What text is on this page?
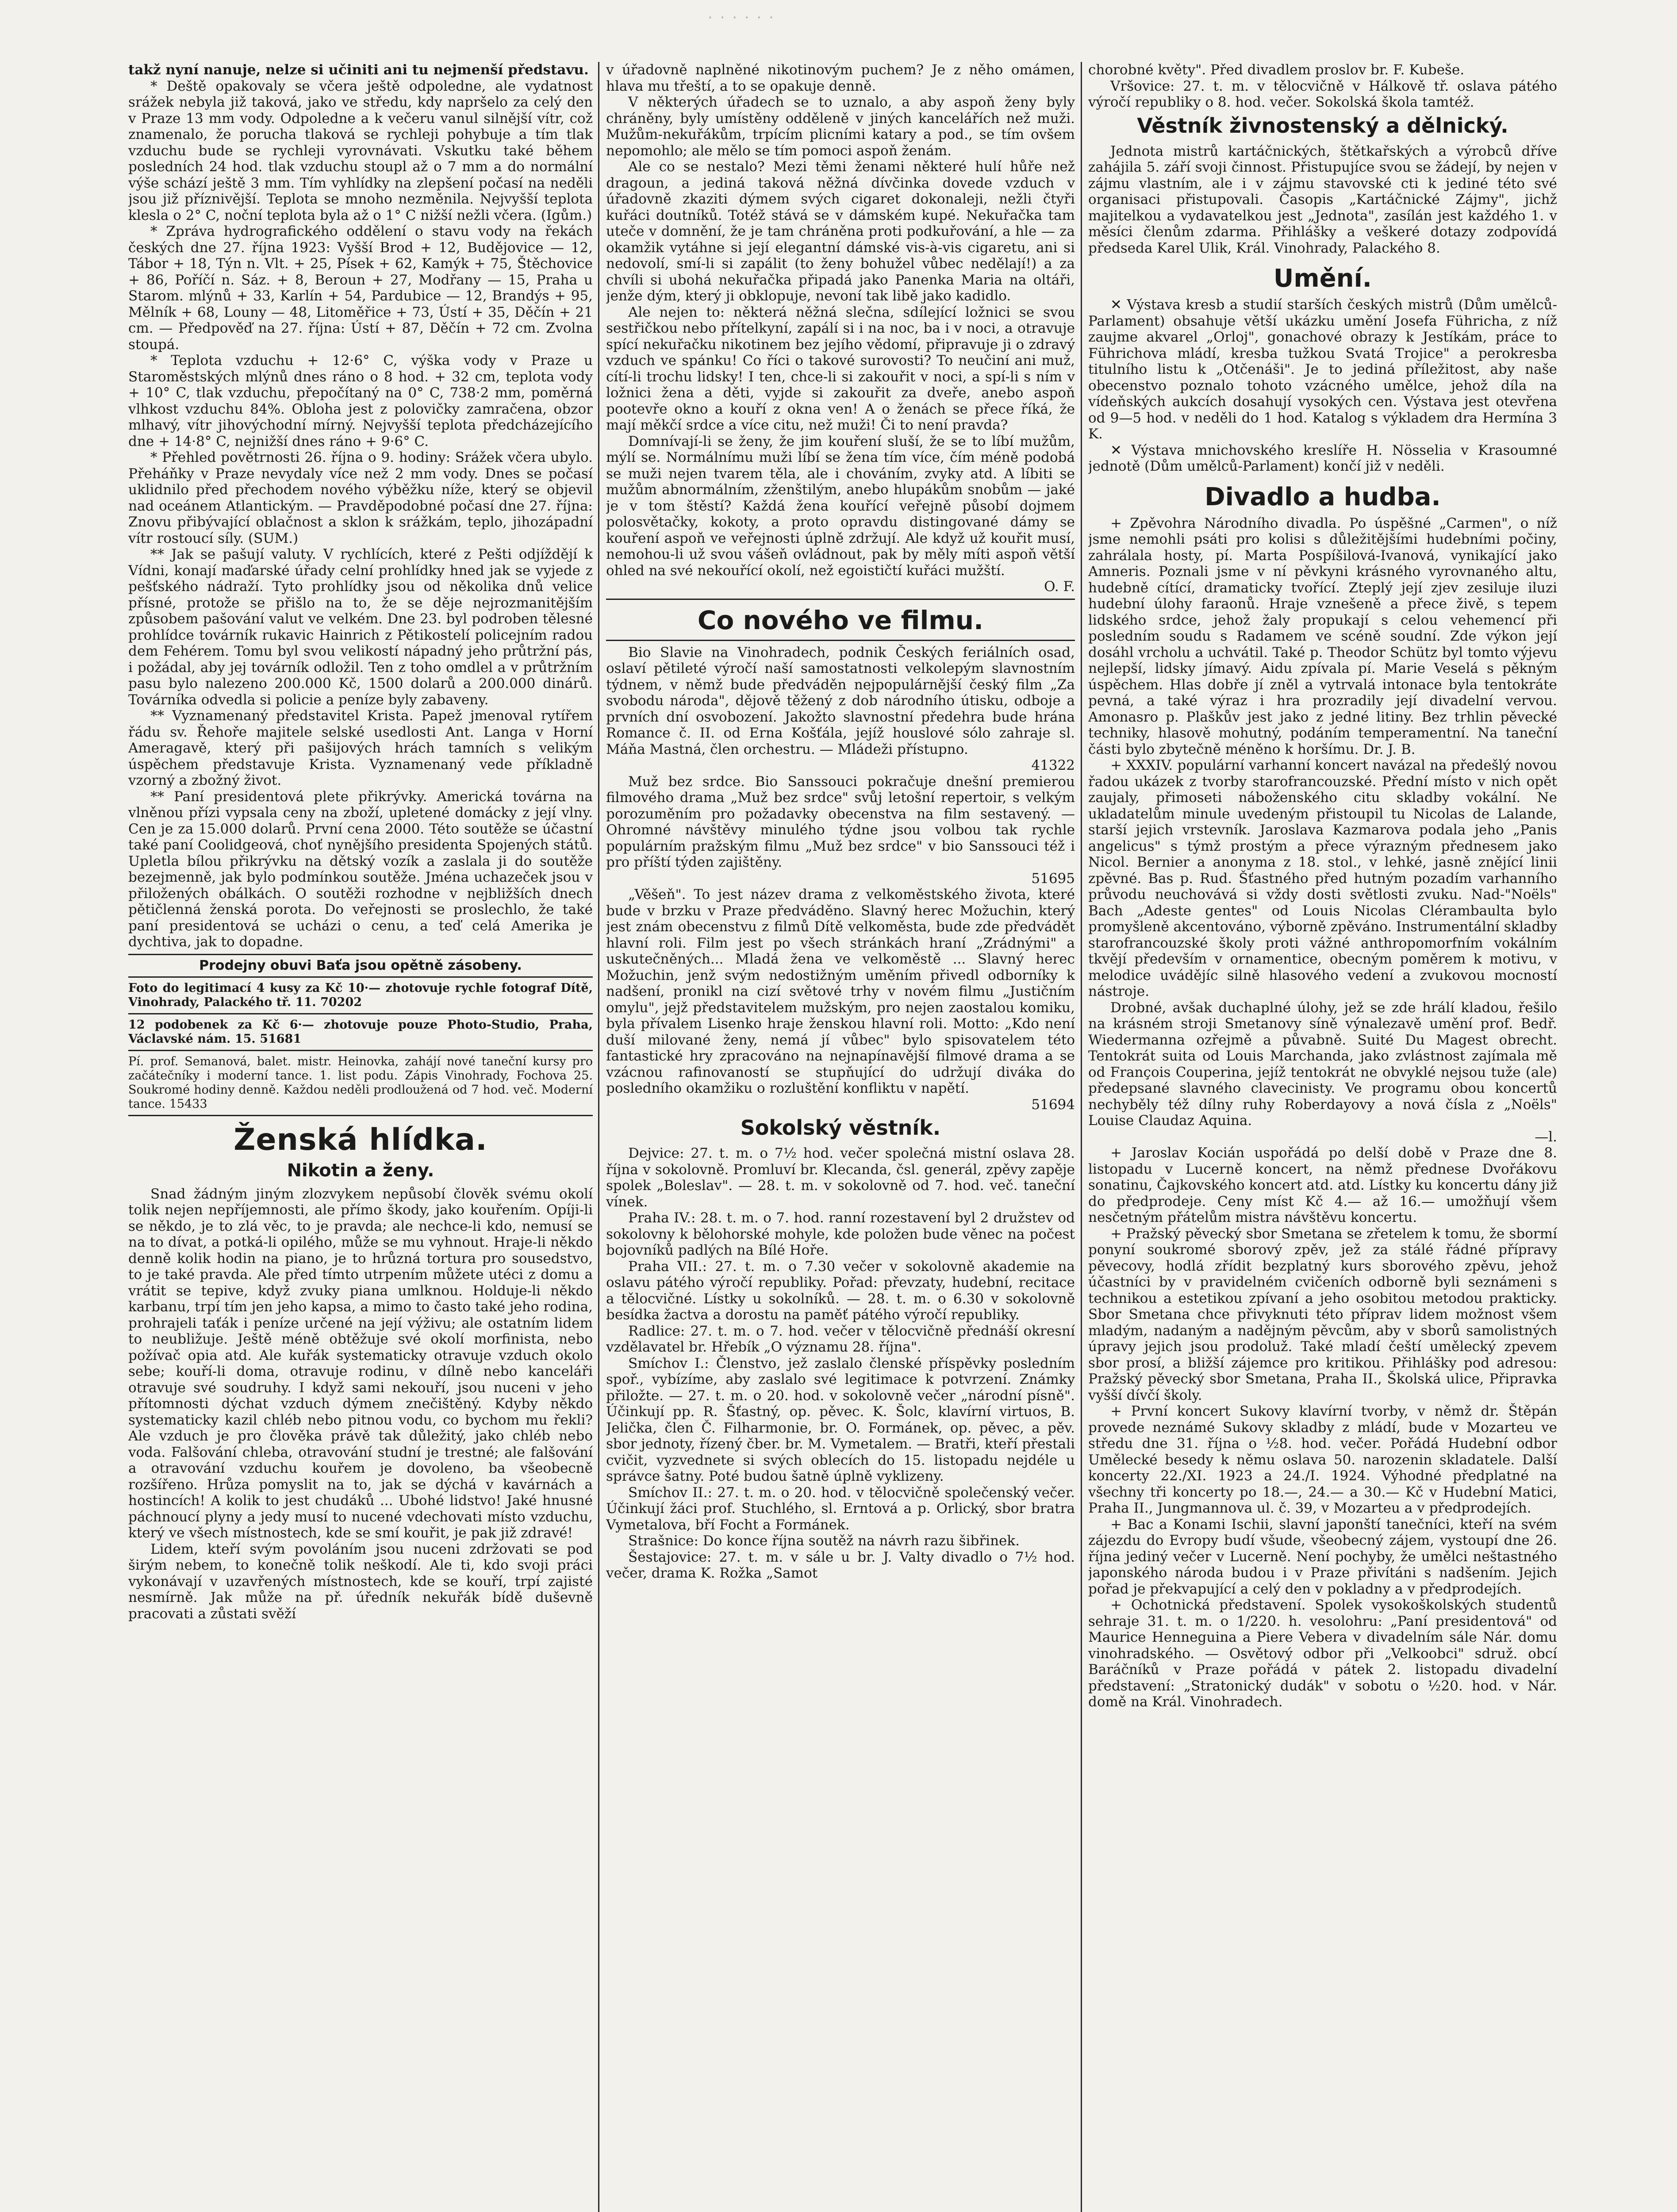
· · · · · ·

takž nyní nanuje, nelze si učiniti ani tu nejmenší představu.

* Deště opakovaly se včera ještě odpoledne, ale vydatnost srážek nebyla již taková, jako ve středu, kdy napršelo za celý den v Praze 13 mm vody. Odpoledne a k večeru vanul silnější vítr, což znamenalo, že porucha tlaková se rychleji pohybuje a tím tlak vzduchu bude se rychleji vyrovnávati. Vskutku také během posledních 24 hod. tlak vzduchu stoupl až o 7 mm a do normální výše schází ještě 3 mm. Tím vyhlídky na zlepšení počasí na neděli jsou již příznivější. Teplota se mnoho nezměnila. Nejvyšší teplota klesla o 2° C, noční teplota byla až o 1° C nižší nežli včera. (Igům.)

* Zpráva hydrografického oddělení o stavu vody na řekách českých dne 27. října 1923: Vyšší Brod + 12, Budějovice — 12, Tábor + 18, Týn n. Vlt. + 25, Písek + 62, Kamýk + 75, Štěchovice + 86, Poříčí n. Sáz. + 8, Beroun + 27, Modřany — 15, Praha u Starom. mlýnů + 33, Karlín + 54, Pardubice — 12, Brandýs + 95, Mělník + 68, Louny — 48, Litoměřice + 73, Ústí + 35, Děčín + 21 cm. — Předpověď na 27. října: Ústí + 87, Děčín + 72 cm. Zvolna stoupá.

* Teplota vzduchu + 12·6° C, výška vody v Praze u Staroměstských mlýnů dnes ráno o 8 hod. + 32 cm, teplota vody + 10° C, tlak vzduchu, přepočítaný na 0° C, 738·2 mm, poměrná vlhkost vzduchu 84%. Obloha jest z polovičky zamračena, obzor mlhavý, vítr jihovýchodní mírný. Nejvyšší teplota předcházejícího dne + 14·8° C, nejnižší dnes ráno + 9·6° C.

* Přehled povětrnosti 26. října o 9. hodiny: Srážek včera ubylo. Přeháňky v Praze nevydaly více než 2 mm vody. Dnes se počasí uklidnilo před přechodem nového výběžku níže, který se objevil nad oceánem Atlantickým. — Pravděpodobné počasí dne 27. října: Znovu přibývající oblačnost a sklon k srážkám, teplo, jihozápadní vítr rostoucí síly. (SUM.)

** Jak se pašují valuty. V rychlících, které z Pešti odjíždějí k Vídni, konají maďarské úřady celní prohlídky hned jak se vyjede z pešťského nádraží. Tyto prohlídky jsou od několika dnů velice přísné, protože se přišlo na to, že se děje nejrozmanitějším způsobem pašování valut ve velkém. Dne 23. byl podroben tělesné prohlídce továrník rukavic Hainrich z Pětikostelí policejním radou dem Fehérem. Tomu byl svou velikostí nápadný jeho průtržní pás, i požádal, aby jej továrník odložil. Ten z toho omdlel a v průtržním pasu bylo nalezeno 200.000 Kč, 1500 dolarů a 200.000 dinárů. Továrníka odvedla si policie a peníze byly zabaveny.

** Vyznamenaný představitel Krista. Papež jmenoval rytířem řádu sv. Řehoře majitele selské usedlosti Ant. Langa v Horní Ameragavě, který při pašijových hrách tamních s velikým úspěchem představuje Krista. Vyznamenaný vede příkladně vzorný a zbožný život.

** Paní presidentová plete přikrývky. Americká továrna na vlněnou přízi vypsala ceny na zboží, upletené domácky z její vlny. Cen je za 15.000 dolarů. První cena 2000. Této soutěže se účastní také paní Coolidgeová, choť nynějšího presidenta Spojených států. Upletla bílou přikrývku na dětský vozík a zaslala ji do soutěže bezejmenně, jak bylo podmínkou soutěže. Jména uchazeček jsou v přiložených obálkách. O soutěži rozhodne v nejbližších dnech pětičlenná ženská porota. Do veřejnosti se proslechlo, že také paní presidentová se ucházi o cenu, a teď celá Amerika je dychtiva, jak to dopadne.

Prodejny obuvi Baťa jsou opětně zásobeny.
Foto do legitimací 4 kusy za Kč 10·— zhotovuje rychle fotograf Dítě, Vinohrady, Palackého tř. 11. 70202
12 podobenek za Kč 6·— zhotovuje pouze Photo-Studio, Praha, Václavské nám. 15. 51681
Pí. prof. Semanová, balet. mistr. Heinovka, zahájí nové taneční kursy pro začátečníky i moderní tance. 1. list podu. Zápis Vinohrady, Fochova 25. Soukromé hodiny denně. Každou neděli prodloužená od 7 hod. več. Moderní tance. 15433
Ženská hlídka.
Nikotin a ženy.

Snad žádným jiným zlozvykem nepůsobí člověk svému okolí tolik nejen nepříjemnosti, ale přímo škody, jako kouřením. Opíji-li se někdo, je to zlá věc, to je pravda; ale nechce-li kdo, nemusí se na to dívat, a potká-li opilého, může se mu vyhnout. Hraje-li někdo denně kolik hodin na piano, je to hrůzná tortura pro sousedstvo, to je také pravda. Ale před tímto utrpením můžete utéci z domu a vrátit se tepive, když zvuky piana umlknou. Holduje-li někdo karbanu, trpí tím jen jeho kapsa, a mimo to často také jeho rodina, prohrajeli taťák i peníze určené na její výživu; ale ostatním lidem to neubližuje. Ještě méně obtěžuje své okolí morfinista, nebo požívač opia atd. Ale kuřák systematicky otravuje vzduch okolo sebe; kouří-li doma, otravuje rodinu, v dílně nebo kanceláři otravuje své soudruhy. I když sami nekouří, jsou nuceni v jeho přítomnosti dýchat vzduch dýmem znečištěný. Kdyby někdo systematicky kazil chléb nebo pitnou vodu, co bychom mu řekli? Ale vzduch je pro člověka právě tak důležitý, jako chléb nebo voda. Falšování chleba, otravování studní je trestné; ale falšování a otravování vzduchu kouřem je dovoleno, ba všeobecně rozšířeno. Hrůza pomyslit na to, jak se dýchá v kavárnách a hostincích! A kolik to jest chudáků ... Ubohé lidstvo! Jaké hnusné páchnoucí plyny a jedy musí to nucené vdechovati místo vzduchu, který ve všech místnostech, kde se smí kouřit, je pak již zdravé!

Lidem, kteří svým povoláním jsou nuceni zdržovati se pod širým nebem, to konečně tolik neškodí. Ale ti, kdo svoji práci vykonávají v uzavřených místnostech, kde se kouří, trpí zajisté nesmírně. Jak může na př. úředník nekuřák bídě duševně pracovati a zůstati svěží

v úřadovně naplněné nikotinovým puchem? Je z něho omámen, hlava mu třeští, a to se opakuje denně.

V některých úřadech se to uznalo, a aby aspoň ženy byly chráněny, byly umístěny odděleně v jiných kancelářích než muži. Mužům-nekuřákům, trpícím plicními katary a pod., se tím ovšem nepomohlo; ale mělo se tím pomoci aspoň ženám.

Ale co se nestalo? Mezi těmi ženami některé hulí hůře než dragoun, a jediná taková něžná dívčinka dovede vzduch v úřadovně zkaziti dýmem svých cigaret dokonaleji, nežli čtyři kuřáci doutníků. Totéž stává se v dámském kupé. Nekuřačka tam uteče v domnění, že je tam chráněna proti podkuřování, a hle — za okamžik vytáhne si její elegantní dámské vis-à-vis cigaretu, ani si nedovolí, smí-li si zapálit (to ženy bohužel vůbec nedělají!) a za chvíli si ubohá nekuřačka připadá jako Panenka Maria na oltáři, jenže dým, který ji obklopuje, nevoní tak libě jako kadidlo.

Ale nejen to: některá něžná slečna, sdílející ložnici se svou sestřičkou nebo přítelkyní, zapálí si i na noc, ba i v noci, a otravuje spící nekuřačku nikotinem bez jejího vědomí, připravuje ji o zdravý vzduch ve spánku! Co říci o takové surovosti? To neučiní ani muž, cítí-li trochu lidsky! I ten, chce-li si zakouřit v noci, a spí-li s ním v ložnici žena a děti, vyjde si zakouřit za dveře, anebo aspoň pootevře okno a kouří z okna ven! A o ženách se přece říká, že mají měkčí srdce a více citu, než muži! Či to není pravda?

Domnívají-li se ženy, že jim kouření sluší, že se to líbí mužům, mýlí se. Normálnímu muži líbí se žena tím více, čím méně podobá se muži nejen tvarem těla, ale i chováním, zvyky atd. A líbiti se mužům abnormálním, zženštilým, anebo hlupákům snobům — jaké je v tom štěstí? Každá žena kouřící veřejně působí dojmem polosvětačky, kokoty, a proto opravdu distingované dámy se kouření aspoň ve veřejnosti úplně zdržují. Ale když už kouřit musí, nemohou-li už svou vášeň ovládnout, pak by měly míti aspoň větší ohled na své nekouřící okolí, než egoističtí kuřáci mužští.

O. F.

Co nového ve filmu.

Bio Slavie na Vinohradech, podnik Českých feriálních osad, oslaví pětileté výročí naší samostatnosti velkolepým slavnostním týdnem, v němž bude předváděn nejpopulárnější český film „Za svobodu národa", dějově těžený z dob národního útisku, odboje a prvních dní osvobození. Jakožto slavnostní předehra bude hrána Romance č. II. od Erna Košťála, jejíž houslové sólo zahraje sl. Máňa Mastná, člen orchestru. — Mládeži přístupno.

41322

Muž bez srdce. Bio Sanssouci pokračuje dnešní premierou filmového drama „Muž bez srdce" svůj letošní repertoir, s velkým porozuměním pro požadavky obecenstva na film sestavený. — Ohromné návštěvy minulého týdne jsou volbou tak rychle populárním pražským filmu „Muž bez srdce" v bio Sanssouci též i pro příští týden zajištěny.

51695

„Věšeň". To jest název drama z velkoměstského života, které bude v brzku v Praze předváděno. Slavný herec Možuchin, který jest znám obecenstvu z filmů Dítě velkoměsta, bude zde předvádět hlavní roli. Film jest po všech stránkách hraní „Zrádnými" a uskutečněných... Mladá žena ve velkoměstě ... Slavný herec Možuchin, jenž svým nedostižným uměním přivedl odborníky k nadšení, pronikl na cizí světové trhy v novém filmu „Justičním omylu", jejž představitelem mužským, pro nejen zaostalou komiku, byla přívalem Lisenko hraje ženskou hlavní roli. Motto: „Kdo není duší milované ženy, nemá jí vůbec" bylo spisovatelem této fantastické hry zpracováno na nejnapínavější filmové drama a se vzácnou rafinovaností se stupňující do udržují diváka do posledního okamžiku o rozluštění konfliktu v napětí.

51694

Sokolský věstník.

Dejvice: 27. t. m. o 7½ hod. večer společná mistní oslava 28. října v sokolovně. Promluví br. Klecanda, čsl. generál, zpěvy zapěje spolek „Boleslav". — 28. t. m. v sokolovně od 7. hod. več. taneční vínek.

Praha IV.: 28. t. m. o 7. hod. ranní rozestavení byl 2 družstev od sokolovny k bělohorské mohyle, kde položen bude věnec na počest bojovníků padlých na Bílé Hoře.

Praha VII.: 27. t. m. o 7.30 večer v sokolovně akademie na oslavu pátého výročí republiky. Pořad: převzaty, hudební, recitace a tělocvičné. Lístky u sokolníků. — 28. t. m. o 6.30 v sokolovně besídka žactva a dorostu na paměť pátého výročí republiky.

Radlice: 27. t. m. o 7. hod. večer v tělocvičně přednáší okresní vzdělavatel br. Hřebík „O významu 28. října".

Smíchov I.: Členstvo, jež zaslalo členské příspěvky posledním spoř., vybízíme, aby zaslalo své legitimace k potvrzení. Známky přiložte. — 27. t. m. o 20. hod. v sokolovně večer „národní písně". Účinkují pp. R. Šťastný, op. pěvec. K. Šolc, klavírní virtuos, B. Jelička, člen Č. Filharmonie, br. O. Formánek, op. pěvec, a pěv. sbor jednoty, řízený čber. br. M. Vymetalem. — Bratři, kteří přestali cvičit, vyzvednete si svých oblecích do 15. listopadu nejdéle u správce šatny. Poté budou šatně úplně vyklizeny.

Smíchov II.: 27. t. m. o 20. hod. v tělocvičně společenský večer. Účinkují žáci prof. Stuchlého, sl. Erntová a p. Orlický, sbor bratra Vymetalova, bří Focht a Formánek.

Strašnice: Do konce října soutěž na návrh razu šibřinek.

Šestajovice: 27. t. m. v sále u br. J. Valty divadlo o 7½ hod. večer, drama K. Rožka „Samot

chorobné květy". Před divadlem proslov br. F. Kubeše.

Vršovice: 27. t. m. v tělocvičně v Hálkově tř. oslava pátého výročí republiky o 8. hod. večer. Sokolská škola tamtéž.

Věstník živnostenský a dělnický.

Jednota mistrů kartáčnických, štětkařských a výrobců dříve zahájila 5. září svoji činnost. Přistupujíce svou se žádejí, by nejen v zájmu vlastním, ale i v zájmu stavovské cti k jediné této své organisaci přistupovali. Časopis „Kartáčnické Zájmy", jichž majitelkou a vydavatelkou jest „Jednota", zasílán jest každého 1. v měsíci členům zdarma. Přihlášky a veškeré dotazy zodpovídá předseda Karel Ulik, Král. Vinohrady, Palackého 8.

Umění.

✕ Výstava kresb a studií starších českých mistrů (Dům umělců-Parlament) obsahuje větší ukázku umění Josefa Führicha, z níž zaujme akvarel „Orloj", gonachové obrazy k Jestíkám, práce to Führichova mládí, kresba tužkou Svatá Trojice" a perokresba titulního listu k „Otčenáši". Je to jediná příležitost, aby naše obecenstvo poznalo tohoto vzácného umělce, jehož díla na vídeňských aukcích dosahují vysokých cen. Výstava jest otevřena od 9—5 hod. v neděli do 1 hod. Katalog s výkladem dra Hermína 3 K.

✕ Výstava mnichovského kreslíře H. Nösselia v Krasoumné jednotě (Dům umělců-Parlament) končí již v neděli.

Divadlo a hudba.

+ Zpěvohra Národního divadla. Po úspěšné „Carmen", o níž jsme nemohli psáti pro kolisi s důležitějšími hudebními počiny, zahrálala hosty, pí. Marta Pospíšilová-Ivanová, vynikající jako Amneris. Poznali jsme v ní pěvkyni krásného vyrovnaného altu, hudebně cítící, dramaticky tvořící. Zteplý její zjev zesiluje iluzi hudební úlohy faraonů. Hraje vznešeně a přece živě, s tepem lidského srdce, jehož žaly propukají s celou vehemencí při posledním soudu s Radamem ve scéně soudní. Zde výkon její dosáhl vrcholu a uchvátil. Také p. Theodor Schütz byl tomto výjevu nejlepší, lidsky jímavý. Aidu zpívala pí. Marie Veselá s pěkným úspěchem. Hlas dobře jí zněl a vytrvalá intonace byla tentokráte pevná, a také výraz i hra prozradily její divadelní vervou. Amonasro p. Plaškův jest jako z jedné litiny. Bez trhlin pěvecké techniky, hlasově mohutný, podáním temperamentní. Na taneční části bylo zbytečně méněno k horšímu. Dr. J. B.

+ XXXIV. populární varhanní koncert navázal na předešlý novou řadou ukázek z tvorby starofrancouzské. Přední místo v nich opět zaujaly, přimoseti náboženského citu skladby vokální. Ne ukladatelům minule uvedeným přistoupil tu Nicolas de Lalande, starší jejich vrstevník. Jaroslava Kazmarova podala jeho „Panis angelicus" s týmž prostým a přece výrazným přednesem jako Nicol. Bernier a anonyma z 18. stol., v lehké, jasně znějící linii zpěvné. Bas p. Rud. Šťastného před hutným pozadím varhanního průvodu neuchovává si vždy dosti světlosti zvuku. Nad-"Noëls" Bach „Adeste gentes" od Louis Nicolas Clérambaulta bylo promyšleně akcentováno, výborně zpěváno. Instrumentální skladby starofrancouzské školy proti vážné anthropomorfním vokálním tkvějí především v ornamentice, obecným poměrem k motivu, v melodice uvádějíc silně hlasového vedení a zvukovou mocností nástroje.

Drobné, avšak duchaplné úlohy, jež se zde hrálí kladou, řešilo na krásném stroji Smetanovy síně výnalezavě umění prof. Bedř. Wiedermanna ozřejmě a půvabně. Suité Du Magest obrecht. Tentokrát suita od Louis Marchanda, jako zvlástnost zajímala mě od François Couperina, jejíž tentokrát ne obvyklé nejsou tuže (ale) předepsané slavného clavecinisty. Ve programu obou koncertů nechyběly též dílny ruhy Roberdayovy a nová čísla z „Noëls" Louise Claudaz Aquina.

—l.

+ Jaroslav Kocián uspořádá po delší době v Praze dne 8. listopadu v Lucerně koncert, na němž přednese Dvořákovu sonatinu, Čajkovského koncert atd. atd. Lístky ku koncertu dány již do předprodeje. Ceny míst Kč 4.— až 16.— umožňují všem nesčetným přátelům mistra návštěvu koncertu.

+ Pražský pěvecký sbor Smetana se zřetelem k tomu, že sbormí ponyní soukromé sborový zpěv, jež za stálé řádné přípravy pěvecovy, hodlá zřídit bezplatný kurs sborového zpěvu, jehož účastníci by v pravidelném cvičeních odborně byli seznámeni s technikou a estetikou zpívaní a jeho osobitou metodou prakticky. Sbor Smetana chce přivyknuti této příprav lidem možnost všem mladým, nadaným a nadějným pěvcům, aby v sborů samolistných úpravy jejich jsou prodoluž. Také mladí čeští umělecký zpevem sbor prosí, a bližší zájemce pro kritikou. Přihlášky pod adresou: Pražský pěvecký sbor Smetana, Praha II., Školská ulice, Připravka vyšší dívčí školy.

+ První koncert Sukovy klavírní tvorby, v němž dr. Štěpán provede neznámé Sukovy skladby z mládí, bude v Mozarteu ve středu dne 31. října o ½8. hod. večer. Pořádá Hudební odbor Umělecké besedy k němu oslava 50. narozenin skladatele. Další koncerty 22./XI. 1923 a 24./I. 1924. Výhodné předplatné na všechny tři koncerty po 18.—, 24.— a 30.— Kč v Hudební Matici, Praha II., Jungmannova ul. č. 39, v Mozarteu a v předprodejích.

+ Bac a Konami Ischii, slavní japonští tanečníci, kteří na svém zájezdu do Evropy budí všude, všeobecný zájem, vystoupí dne 26. října jediný večer v Lucerně. Není pochyby, že umělci neštastného japonského národa budou i v Praze přivítáni s nadšením. Jejich pořad je překvapující a celý den v pokladny a v předprodejích.

+ Ochotnická představení. Spolek vysokoškolských studentů sehraje 31. t. m. o 1/220. h. vesolohru: „Paní presidentová" od Maurice Henneguina a Piere Vebera v divadelním sále Nár. domu vinohradského. — Osvětový odbor při „Velkoobci" sdruž. obcí Baráčníků v Praze pořádá v pátek 2. listopadu divadelní představení: „Stratonický dudák" v sobotu o ½20. hod. v Nár. domě na Král. Vinohradech.
